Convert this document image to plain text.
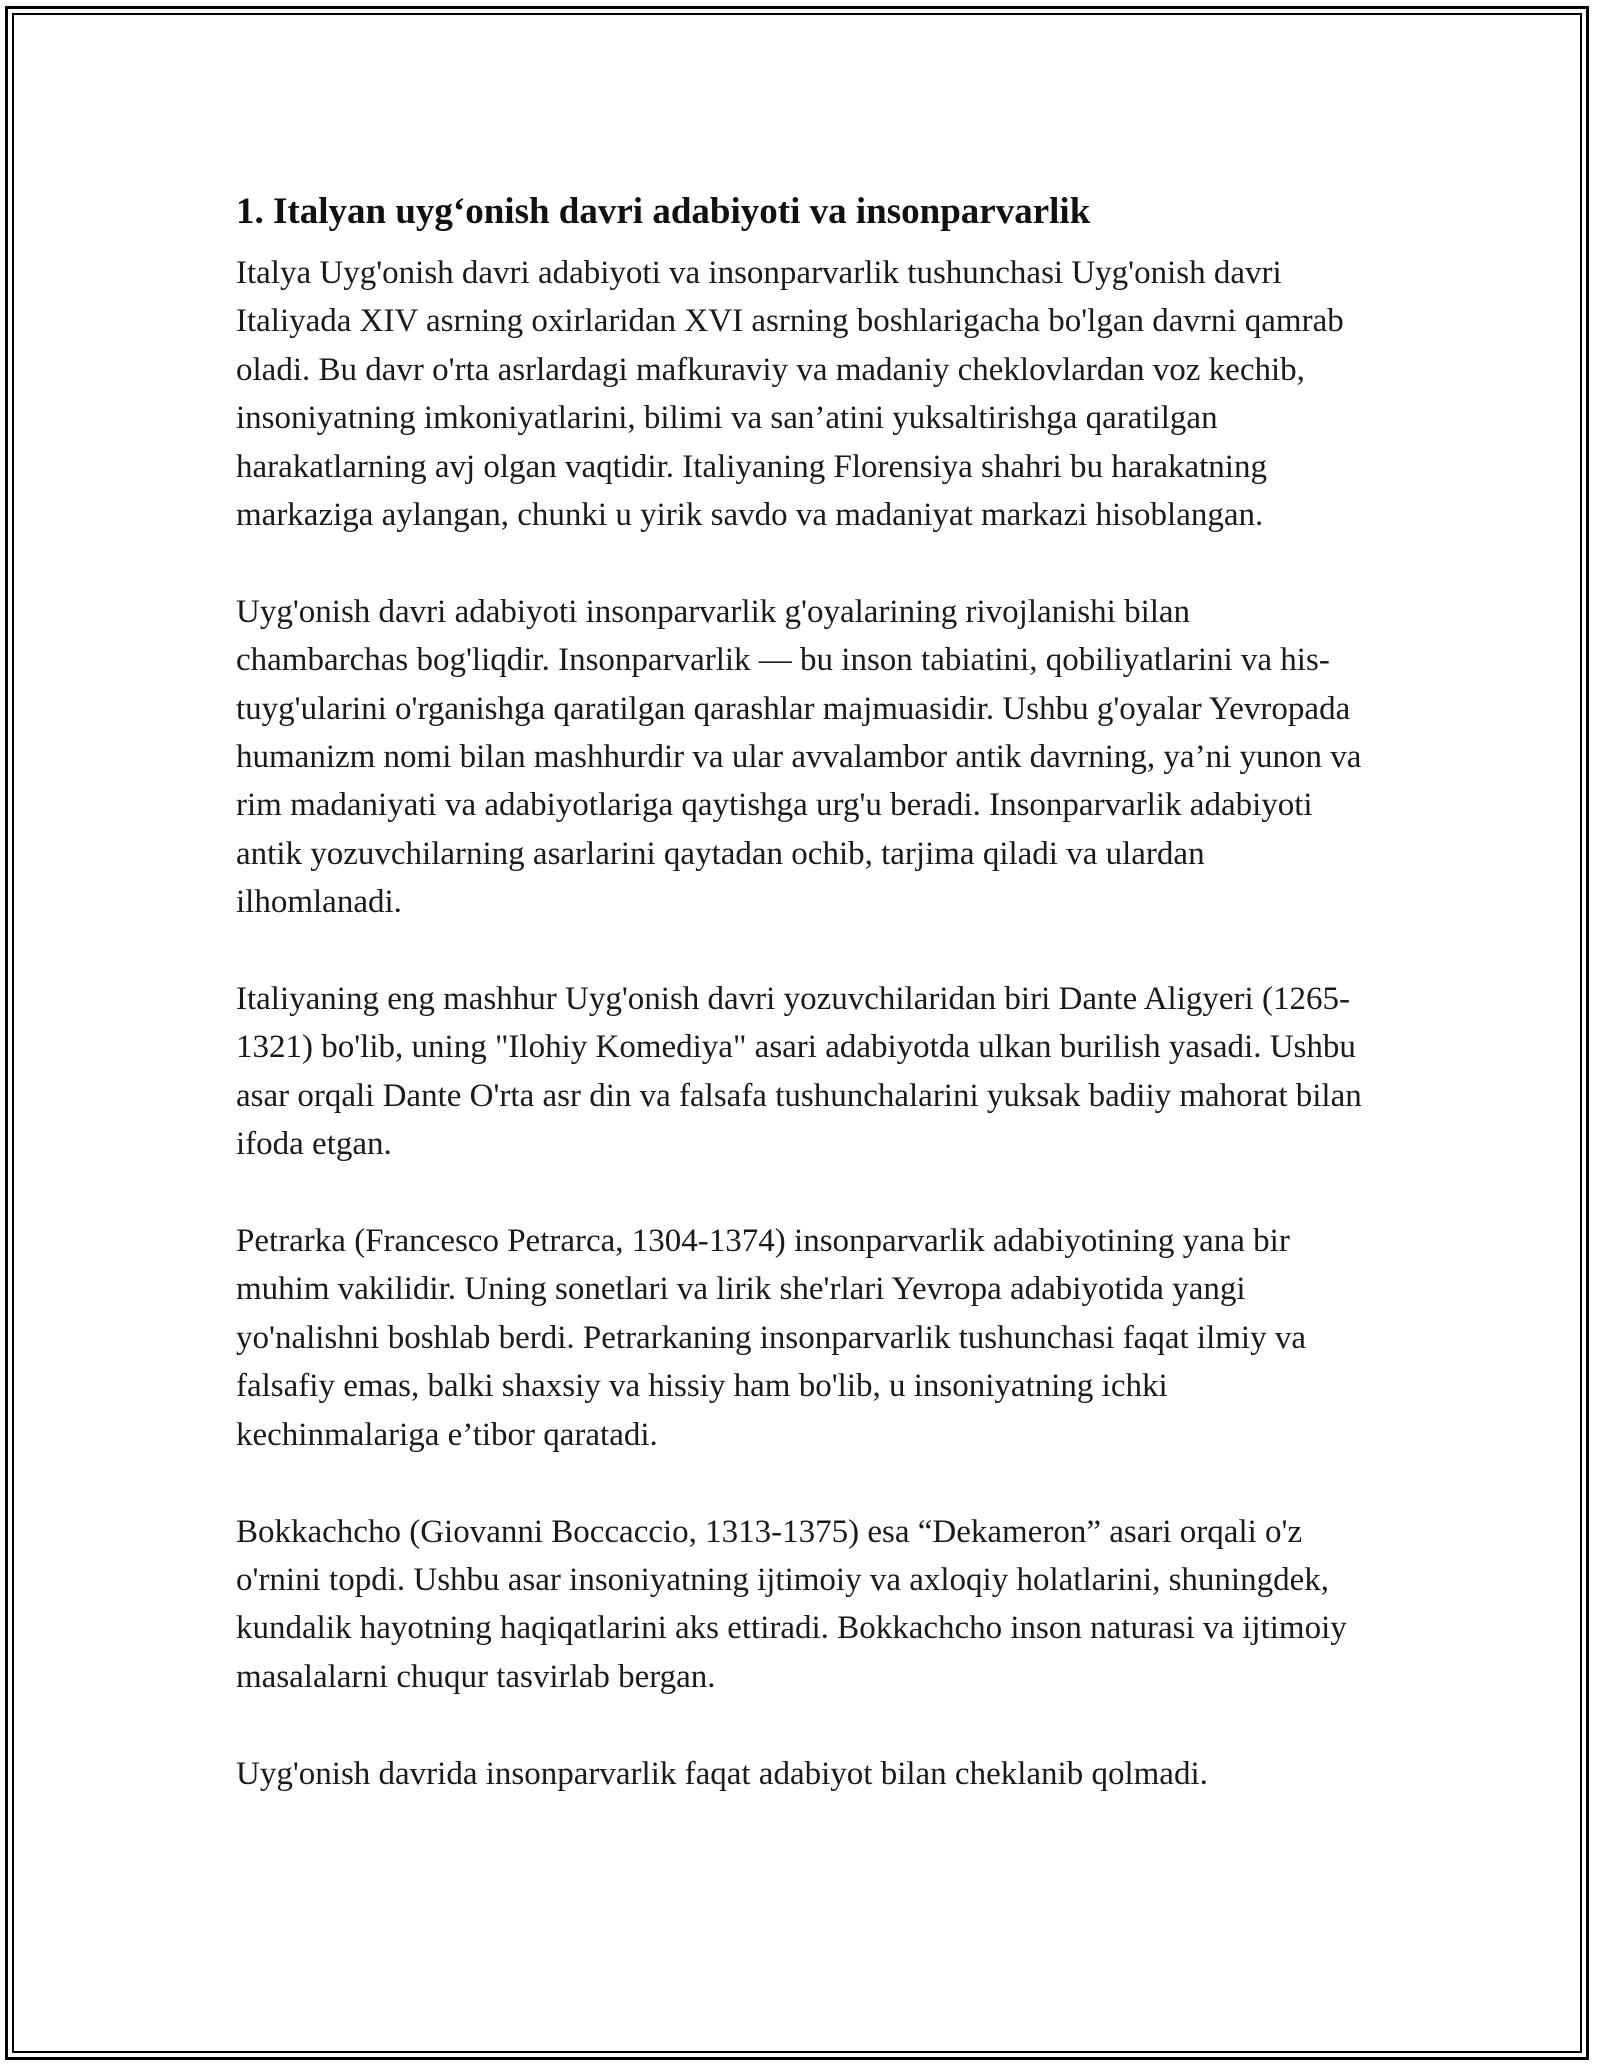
1. Italyan uyg‘onish davri adabiyoti va insonparvarlik

Italya Uyg'onish davri adabiyoti va insonparvarlik tushunchasi Uyg'onish davri Italiyada XIV asrning oxirlaridan XVI asrning boshlarigacha bo'lgan davrni qamrab oladi. Bu davr o'rta asrlardagi mafkuraviy va madaniy cheklovlardan voz kechib, insoniyatning imkoniyatlarini, bilimi va san’atini yuksaltirishga qaratilgan harakatlarning avj olgan vaqtidir. Italiyaning Florensiya shahri bu harakatning markaziga aylangan, chunki u yirik savdo va madaniyat markazi hisoblangan.

Uyg'onish davri adabiyoti insonparvarlik g'oyalarining rivojlanishi bilan chambarchas bog'liqdir. Insonparvarlik — bu inson tabiatini, qobiliyatlarini va his-tuyg'ularini o'rganishga qaratilgan qarashlar majmuasidir. Ushbu g'oyalar Yevropada humanizm nomi bilan mashhurdir va ular avvalambor antik davrning, ya’ni yunon va rim madaniyati va adabiyotlariga qaytishga urg'u beradi. Insonparvarlik adabiyoti antik yozuvchilarning asarlarini qaytadan ochib, tarjima qiladi va ulardan ilhomlanadi.

Italiyaning eng mashhur Uyg'onish davri yozuvchilaridan biri Dante Aligyeri (1265-1321) bo'lib, uning "Ilohiy Komediya" asari adabiyotda ulkan burilish yasadi. Ushbu asar orqali Dante O'rta asr din va falsafa tushunchalarini yuksak badiiy mahorat bilan ifoda etgan.

Petrarka (Francesco Petrarca, 1304-1374) insonparvarlik adabiyotining yana bir muhim vakilidir. Uning sonetlari va lirik she'rlari Yevropa adabiyotida yangi yo'nalishni boshlab berdi. Petrarkaning insonparvarlik tushunchasi faqat ilmiy va falsafiy emas, balki shaxsiy va hissiy ham bo'lib, u insoniyatning ichki kechinmalariga e’tibor qaratadi.

Bokkachcho (Giovanni Boccaccio, 1313-1375) esa “Dekameron” asari orqali o'z o'rnini topdi. Ushbu asar insoniyatning ijtimoiy va axloqiy holatlarini, shuningdek, kundalik hayotning haqiqatlarini aks ettiradi. Bokkachcho inson naturasi va ijtimoiy masalalarni chuqur tasvirlab bergan.

Uyg'onish davrida insonparvarlik faqat adabiyot bilan cheklanib qolmadi.
